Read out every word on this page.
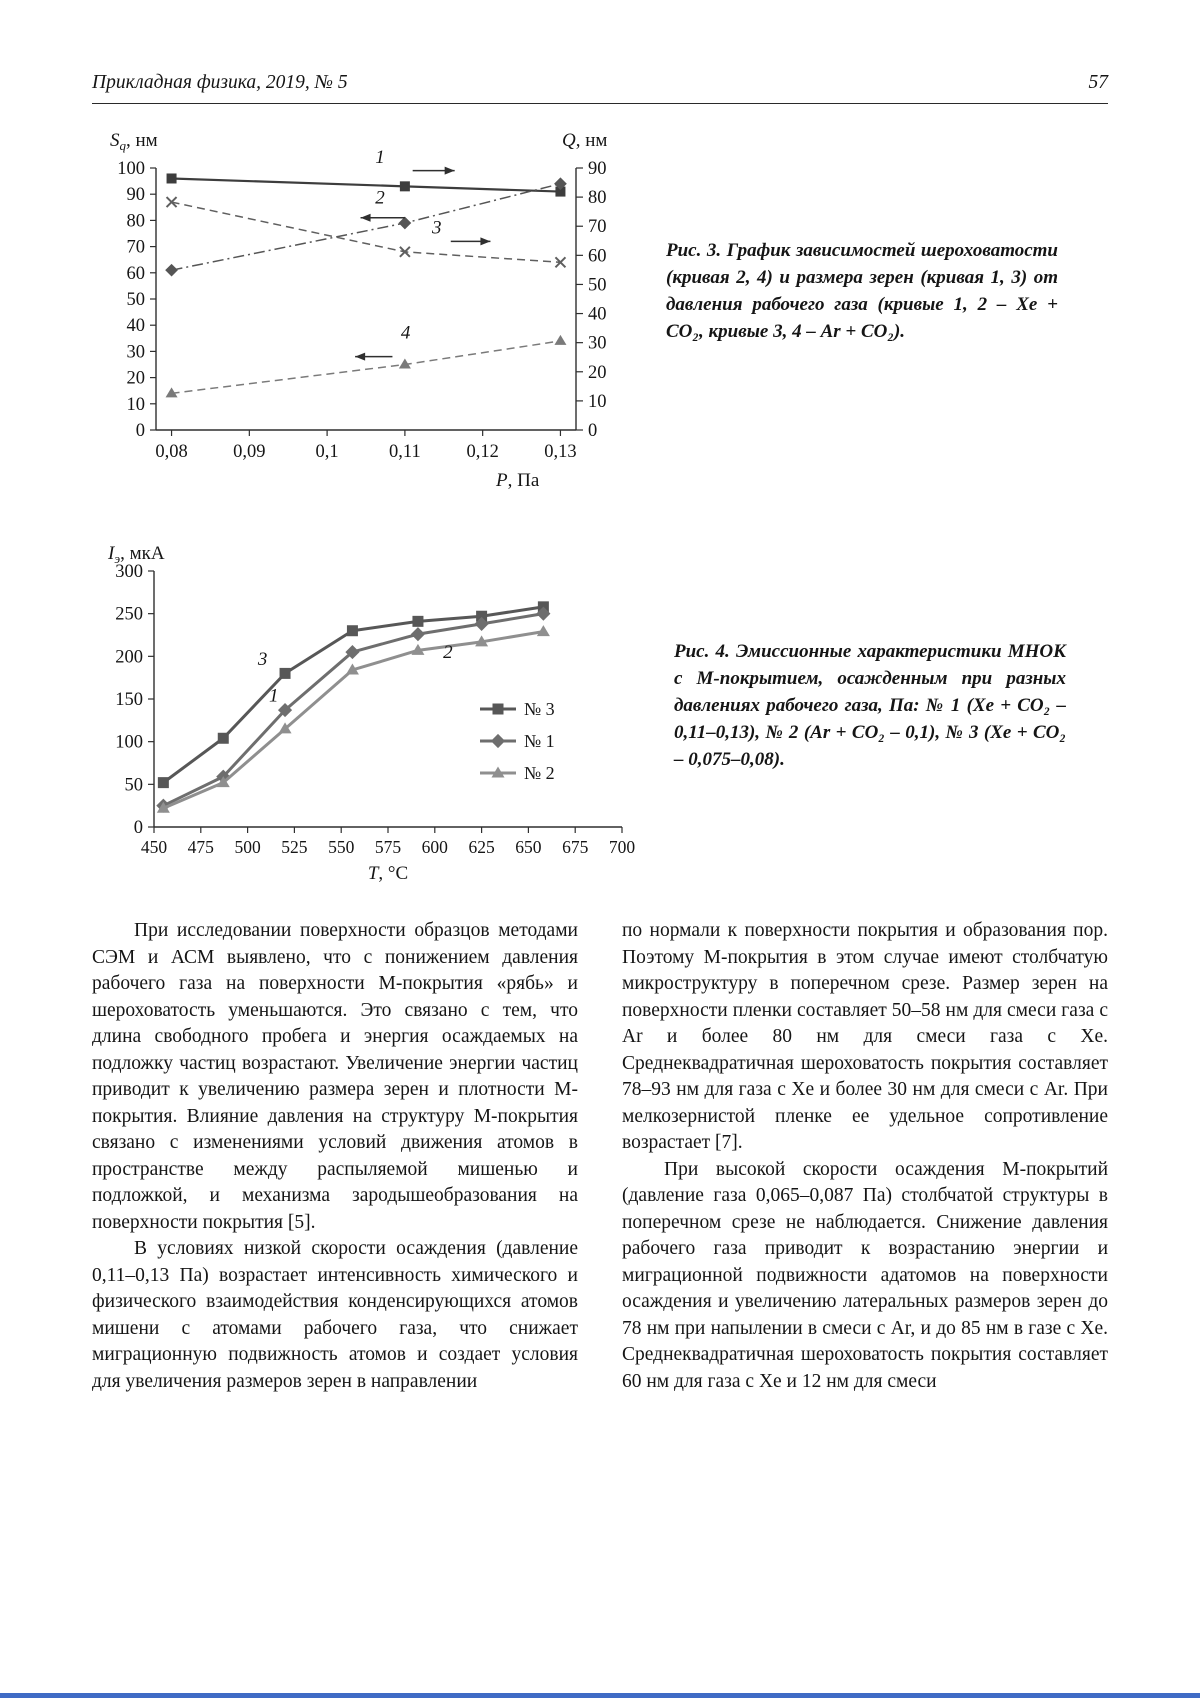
Прикладная физика, 2019, № 5	57
0
10
20
30
40
50
60
70
80
90
100
0
10
20
30
40
50
60
70
80
90
0,08 0,09	0,1	0,11 0,12 0,13
$S_q$, нм	Q, нм
P, Па
1
2
3
4

Рис. 3. График зависимостей шероховатости (кривая 2, 4) и размера зерен (кривая 1, 3) от давления рабочего газа (кривые 1, 2 – Xe + CO₂, кривые 3, 4 – Ar + CO₂).

0
50
100
150
200
250
300
450 475 500 525 550 575 600 625 650 675 700
$I_э$, мкА
T, °C
3
1
2
№ 3
№ 1
№ 2

Рис. 4. Эмиссионные характеристики МНОК с М-покрытием, осажденным при разных давлениях рабочего газа, Па: № 1 (Xe + CO₂ – 0,11–0,13), № 2 (Ar + CO₂ – 0,1), № 3 (Xe + CO₂ – 0,075–0,08).

При исследовании поверхности образцов методами СЭМ и АСМ выявлено, что с понижением давления рабочего газа на поверхности М-покрытия «рябь» и шероховатость уменьшаются. Это связано с тем, что длина свободного пробега и энергия осаждаемых на подложку частиц возрастают. Увеличение энергии частиц приводит к увеличению размера зерен и плотности М-покрытия. Влияние давления на структуру М-покрытия связано с изменениями условий движения атомов в пространстве между распыляемой мишенью и подложкой, и механизма зародышеобразования на поверхности покрытия [5].

В условиях низкой скорости осаждения (давление 0,11–0,13 Па) возрастает интенсивность химического и физического взаимодействия конденсирующихся атомов мишени с атомами рабочего газа, что снижает миграционную подвижность атомов и создает условия для увеличения размеров зерен в направлении

по нормали к поверхности покрытия и образования пор. Поэтому М-покрытия в этом случае имеют столбчатую микроструктуру в поперечном срезе. Размер зерен на поверхности пленки составляет 50–58 нм для смеси газа с Ar и более 80 нм для смеси газа с Xe. Среднеквадратичная шероховатость покрытия составляет 78–93 нм для газа с Xe и более 30 нм для смеси с Ar. При мелкозернистой пленке ее удельное сопротивление возрастает [7].

При высокой скорости осаждения М-покрытий (давление газа 0,065–0,087 Па) столбчатой структуры в поперечном срезе не наблюдается. Снижение давления рабочего газа приводит к возрастанию энергии и миграционной подвижности адатомов на поверхности осаждения и увеличению латеральных размеров зерен до 78 нм при напылении в смеси с Ar, и до 85 нм в газе с Xe. Среднеквадратичная шероховатость покрытия составляет 60 нм для газа с Xe и 12 нм для смеси
